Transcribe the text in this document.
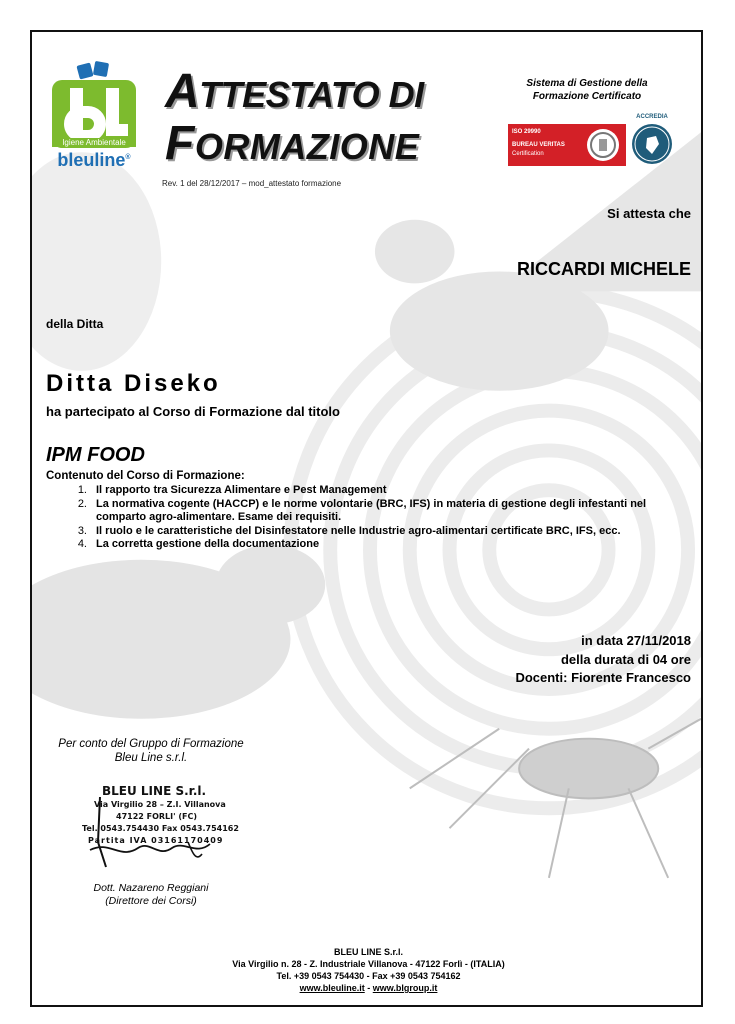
Igiene Ambientale
bleuline®
ATTESTATO DI
FORMAZIONE
Rev. 1 del 28/12/2017 – mod_attestato formazione
Sistema di Gestione della
Formazione Certificato
ISO 29990
BUREAU VERITAS
Certification
ACCREDIA
Si attesta che
RICCARDI MICHELE
della Ditta
Ditta Diseko
ha partecipato al Corso di Formazione dal titolo
IPM FOOD
Contenuto del Corso di Formazione:
1. Il rapporto tra Sicurezza Alimentare e Pest Management
2. La normativa cogente (HACCP) e le norme volontarie (BRC, IFS) in materia di gestione degli infestanti nel comparto agro-alimentare. Esame dei requisiti.
3. Il ruolo e le caratteristiche del Disinfestatore nelle Industrie agro-alimentari certificate BRC, IFS, ecc.
4. La corretta gestione della documentazione
in data 27/11/2018
della durata di 04 ore
Docenti: Fiorente Francesco
Per conto del Gruppo di Formazione
Bleu Line s.r.l.
BLEU LINE S.r.l.
Via Virgilio 28 – Z.I. Villanova
47122 FORLI' (FC)
Tel. 0543.754430 Fax 0543.754162
Partita IVA 03161170409
Dott. Nazareno Reggiani
(Direttore dei Corsi)
BLEU LINE S.r.l.
Via Virgilio n. 28 - Z. Industriale Villanova - 47122 Forlì - (ITALIA)
Tel. +39 0543 754430 - Fax +39 0543 754162
www.bleuline.it - www.blgroup.it
